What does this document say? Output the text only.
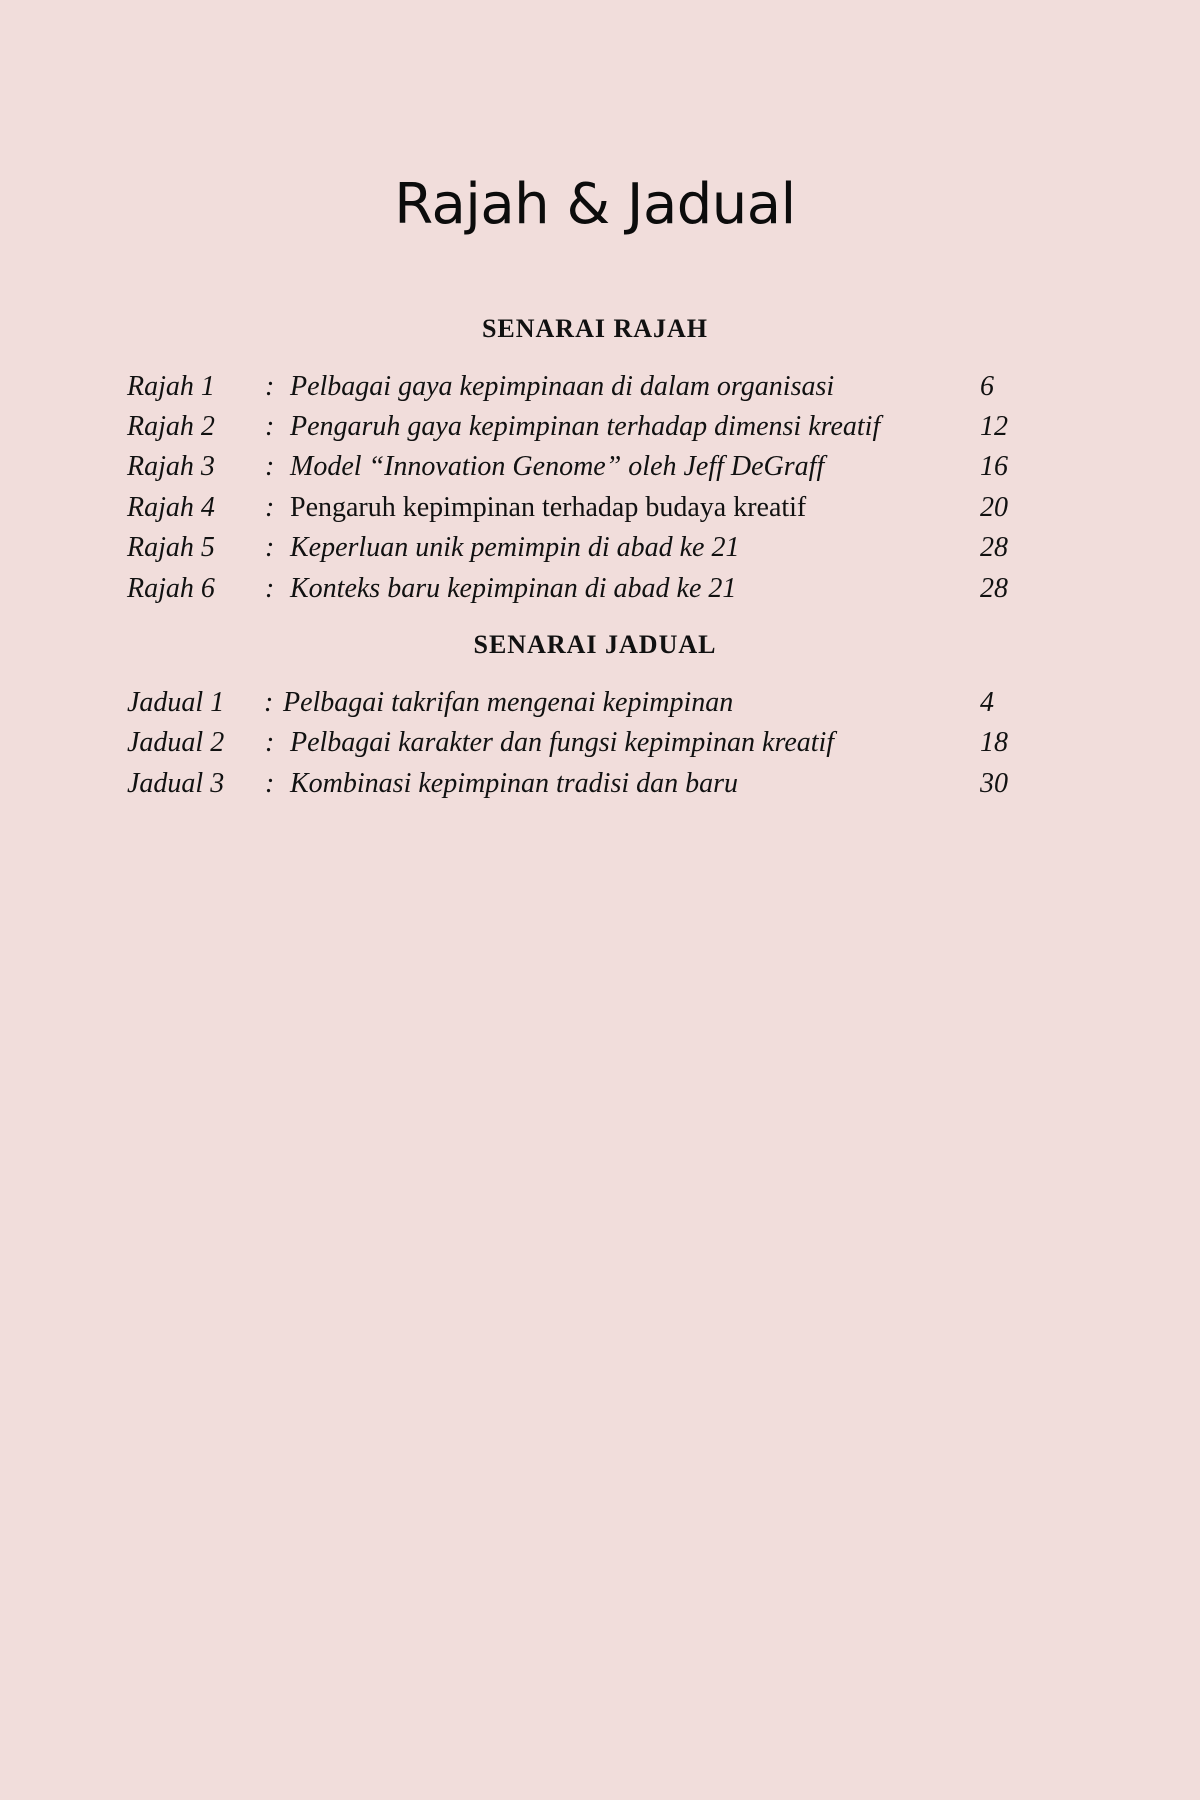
Rajah & Jadual
SENARAI RAJAH
Rajah 1 : Pelbagai gaya kepimpinaan di dalam organisasi	6
Rajah 2 : Pengaruh gaya kepimpinan terhadap dimensi kreatif	12
Rajah 3 : Model “Innovation Genome” oleh Jeff DeGraff	16
Rajah 4 : Pengaruh kepimpinan terhadap budaya kreatif	20
Rajah 5 : Keperluan unik pemimpin di abad ke 21	28
Rajah 6 : Konteks baru kepimpinan di abad ke 21	28
SENARAI JADUAL
Jadual 1 : Pelbagai takrifan mengenai kepimpinan	4
Jadual 2 : Pelbagai karakter dan fungsi kepimpinan kreatif	18
Jadual 3 : Kombinasi kepimpinan tradisi dan baru	30
